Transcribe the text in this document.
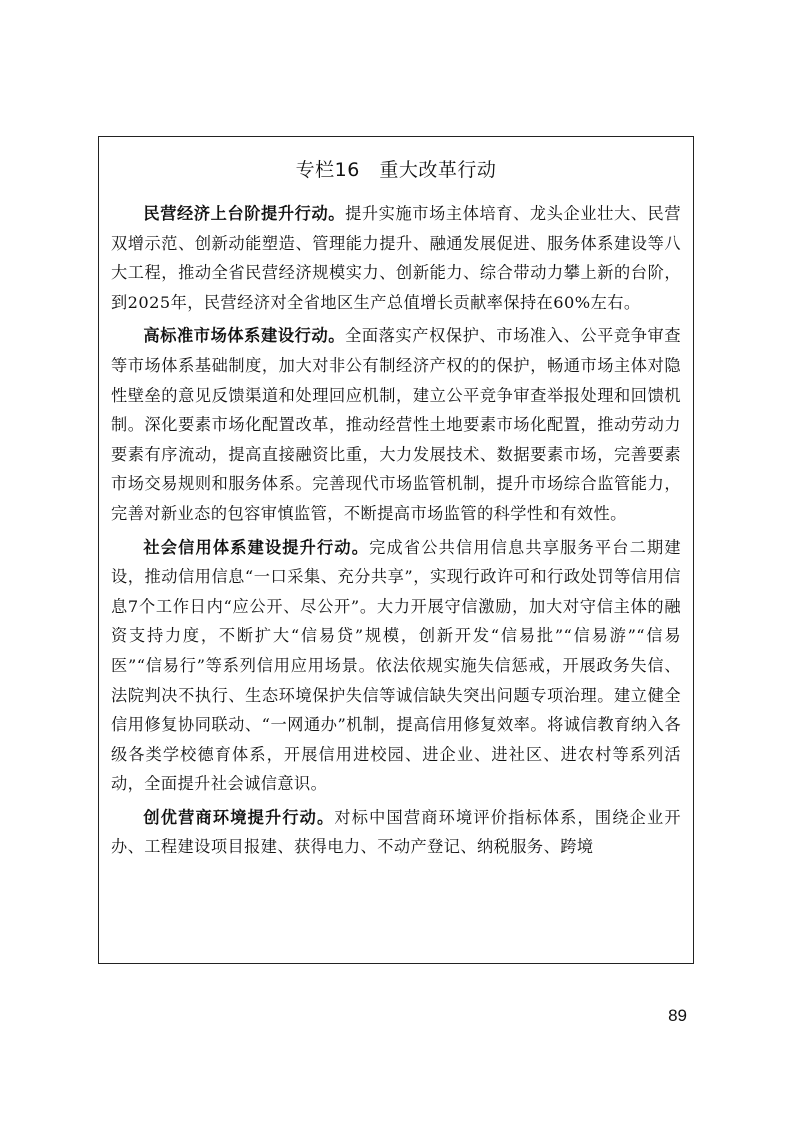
专栏16　重大改革行动

民营经济上台阶提升行动。提升实施市场主体培育、龙头企业壮大、民营双增示范、创新动能塑造、管理能力提升、融通发展促进、服务体系建设等八大工程，推动全省民营经济规模实力、创新能力、综合带动力攀上新的台阶，到2025年，民营经济对全省地区生产总值增长贡献率保持在60%左右。

高标准市场体系建设行动。全面落实产权保护、市场准入、公平竞争审查等市场体系基础制度，加大对非公有制经济产权的的保护，畅通市场主体对隐性壁垒的意见反馈渠道和处理回应机制，建立公平竞争审查举报处理和回馈机制。深化要素市场化配置改革，推动经营性土地要素市场化配置，推动劳动力要素有序流动，提高直接融资比重，大力发展技术、数据要素市场，完善要素市场交易规则和服务体系。完善现代市场监管机制，提升市场综合监管能力，完善对新业态的包容审慎监管，不断提高市场监管的科学性和有效性。

社会信用体系建设提升行动。完成省公共信用信息共享服务平台二期建设，推动信用信息“一口采集、充分共享”，实现行政许可和行政处罚等信用信息7个工作日内“应公开、尽公开”。大力开展守信激励，加大对守信主体的融资支持力度，不断扩大“信易贷”规模，创新开发“信易批”“信易游”“信易医”“信易行”等系列信用应用场景。依法依规实施失信惩戒，开展政务失信、法院判决不执行、生态环境保护失信等诚信缺失突出问题专项治理。建立健全信用修复协同联动、“一网通办”机制，提高信用修复效率。将诚信教育纳入各级各类学校德育体系，开展信用进校园、进企业、进社区、进农村等系列活动，全面提升社会诚信意识。

创优营商环境提升行动。对标中国营商环境评价指标体系，围绕企业开办、工程建设项目报建、获得电力、不动产登记、纳税服务、跨境

89
